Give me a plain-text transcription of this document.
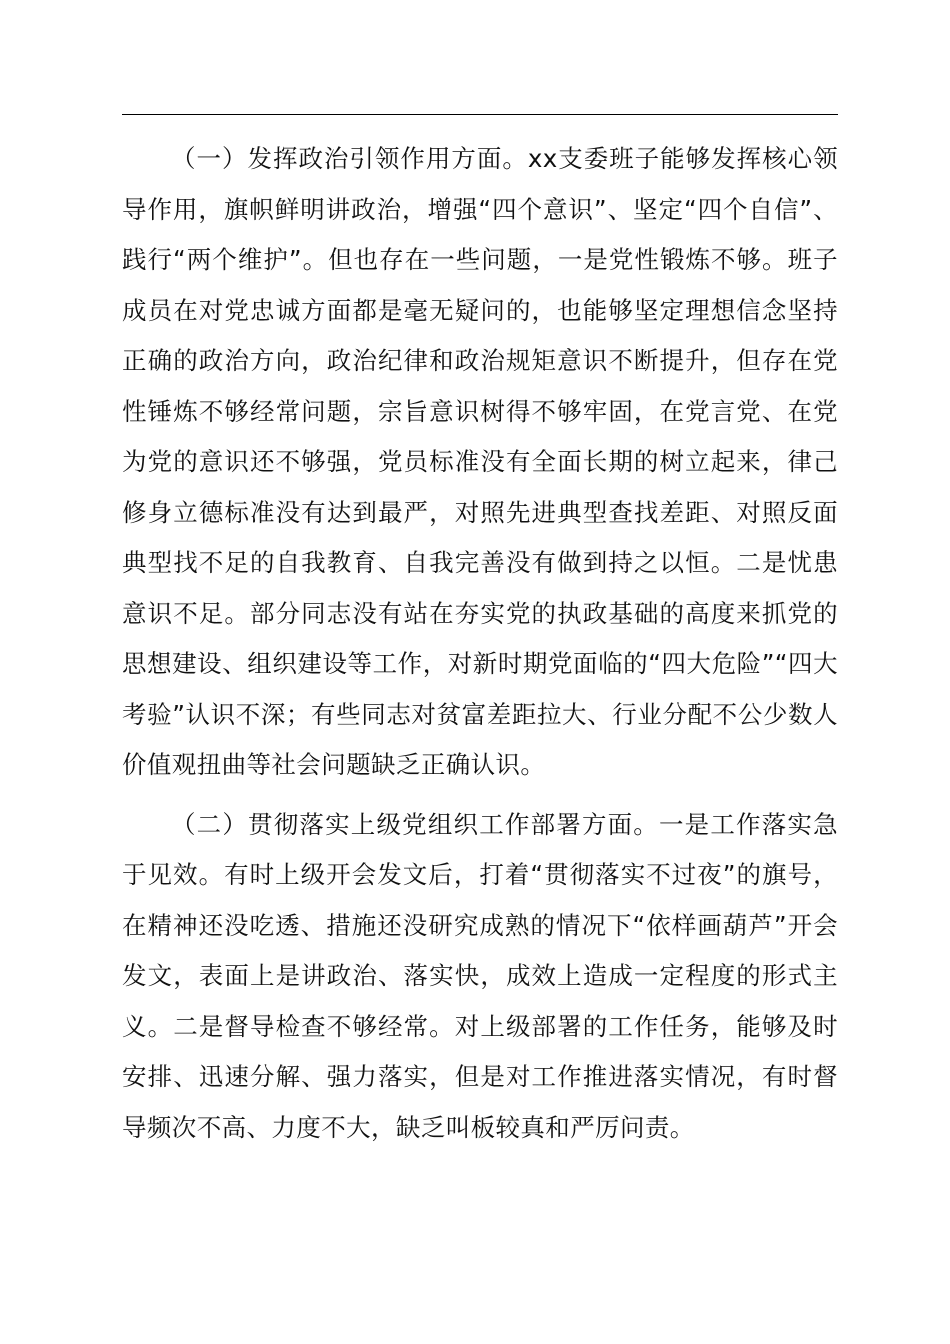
（一）发挥政治引领作用方面。xx支委班子能够发挥核心领导作用，旗帜鲜明讲政治，增强“四个意识”、坚定“四个自信”、践行“两个维护”。但也存在一些问题，一是党性锻炼不够。班子成员在对党忠诚方面都是毫无疑问的，也能够坚定理想信念坚持正确的政治方向，政治纪律和政治规矩意识不断提升，但存在党性锤炼不够经常问题，宗旨意识树得不够牢固，在党言党、在党为党的意识还不够强，党员标准没有全面长期的树立起来，律己修身立德标准没有达到最严，对照先进典型查找差距、对照反面典型找不足的自我教育、自我完善没有做到持之以恒。二是忧患意识不足。部分同志没有站在夯实党的执政基础的高度来抓党的思想建设、组织建设等工作，对新时期党面临的“四大危险”“四大考验”认识不深；有些同志对贫富差距拉大、行业分配不公少数人价值观扭曲等社会问题缺乏正确认识。

（二）贯彻落实上级党组织工作部署方面。一是工作落实急于见效。有时上级开会发文后，打着“贯彻落实不过夜”的旗号，在精神还没吃透、措施还没研究成熟的情况下“依样画葫芦”开会发文，表面上是讲政治、落实快，成效上造成一定程度的形式主义。二是督导检查不够经常。对上级部署的工作任务，能够及时安排、迅速分解、强力落实，但是对工作推进落实情况，有时督导频次不高、力度不大，缺乏叫板较真和严厉问责。
